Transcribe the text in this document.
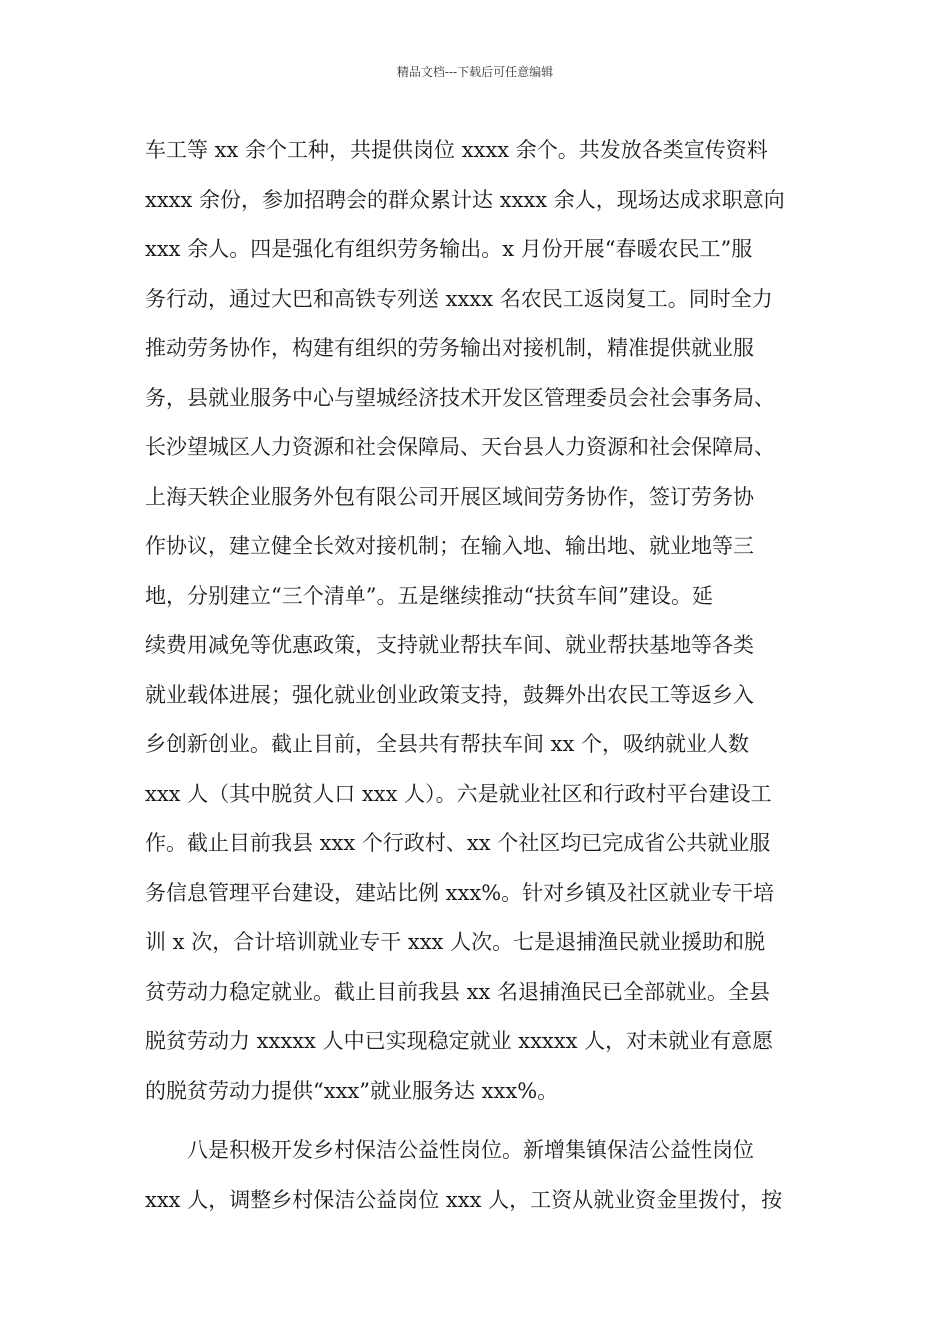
精品文档---下载后可任意编辑
车工等 xx 余个工种，共提供岗位 xxxx 余个。共发放各类宣传资料
xxxx 余份，参加招聘会的群众累计达 xxxx 余人，现场达成求职意向
xxx 余人。四是强化有组织劳务输出。x 月份开展“春暖农民工”服
务行动，通过大巴和高铁专列送 xxxx 名农民工返岗复工。同时全力
推动劳务协作，构建有组织的劳务输出对接机制，精准提供就业服
务，县就业服务中心与望城经济技术开发区管理委员会社会事务局、
长沙望城区人力资源和社会保障局、天台县人力资源和社会保障局、
上海天轶企业服务外包有限公司开展区域间劳务协作，签订劳务协
作协议，建立健全长效对接机制；在输入地、输出地、就业地等三
地，分别建立“三个清单”。五是继续推动“扶贫车间”建设。延
续费用减免等优惠政策，支持就业帮扶车间、就业帮扶基地等各类
就业载体进展；强化就业创业政策支持，鼓舞外出农民工等返乡入
乡创新创业。截止目前，全县共有帮扶车间 xx 个，吸纳就业人数
xxx 人（其中脱贫人口 xxx 人）。六是就业社区和行政村平台建设工
作。截止目前我县 xxx 个行政村、xx 个社区均已完成省公共就业服
务信息管理平台建设，建站比例 xxx%。针对乡镇及社区就业专干培
训 x 次，合计培训就业专干 xxx 人次。七是退捕渔民就业援助和脱
贫劳动力稳定就业。截止目前我县 xx 名退捕渔民已全部就业。全县
脱贫劳动力 xxxxx 人中已实现稳定就业 xxxxx 人，对未就业有意愿
的脱贫劳动力提供“xxx”就业服务达 xxx%。
八是积极开发乡村保洁公益性岗位。新增集镇保洁公益性岗位
xxx 人，调整乡村保洁公益岗位 xxx 人，工资从就业资金里拨付，按
